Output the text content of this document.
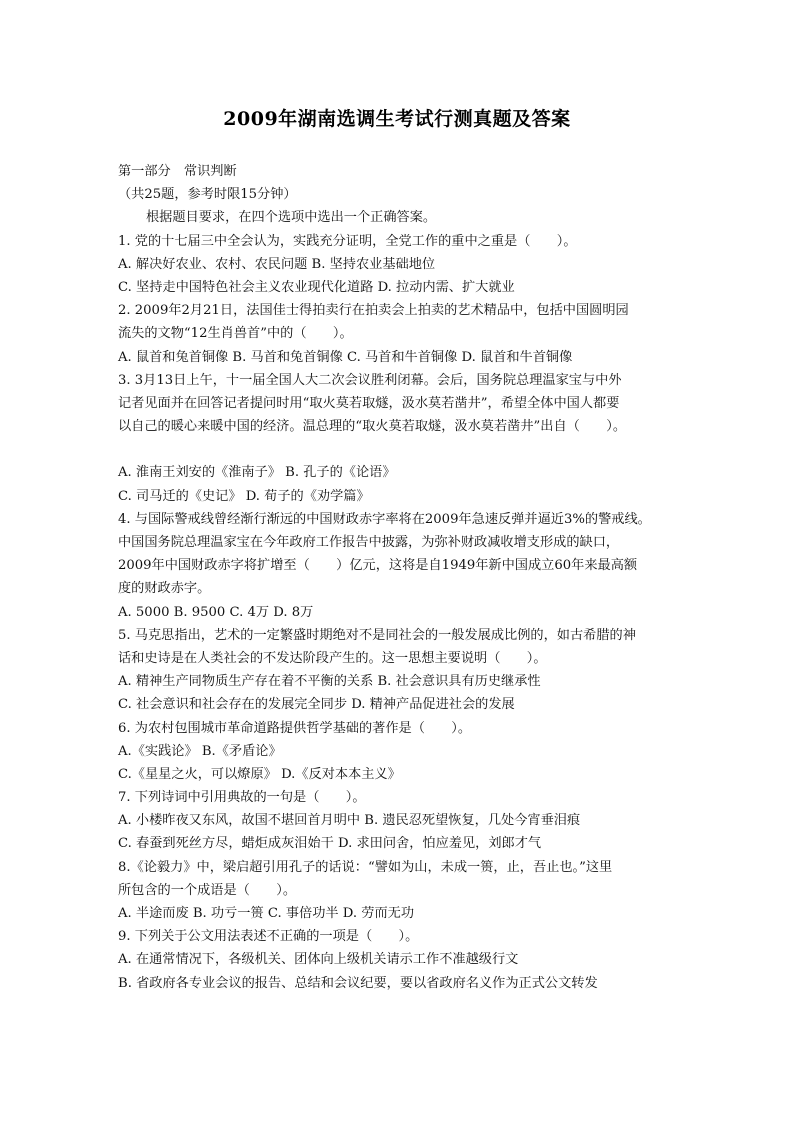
2009年湖南选调生考试行测真题及答案
第一部分　常识判断
（共25题，参考时限15分钟）
根据题目要求，在四个选项中选出一个正确答案。
1. 党的十七届三中全会认为，实践充分证明，全党工作的重中之重是（　　）。
A. 解决好农业、农村、农民问题 B. 坚持农业基础地位
C. 坚持走中国特色社会主义农业现代化道路 D. 拉动内需、扩大就业
2. 2009年2月21日，法国佳士得拍卖行在拍卖会上拍卖的艺术精品中，包括中国圆明园
流失的文物“12生肖兽首”中的（　　）。
A. 鼠首和兔首铜像 B. 马首和兔首铜像 C. 马首和牛首铜像 D. 鼠首和牛首铜像
3. 3月13日上午，十一届全国人大二次会议胜利闭幕。会后，国务院总理温家宝与中外
记者见面并在回答记者提问时用“取火莫若取燧，汲水莫若凿井”，希望全体中国人都要
以自己的暖心来暖中国的经济。温总理的“取火莫若取燧，汲水莫若凿井”出自（　　）。
A. 淮南王刘安的《淮南子》 B. 孔子的《论语》
C. 司马迁的《史记》 D. 荀子的《劝学篇》
4. 与国际警戒线曾经渐行渐远的中国财政赤字率将在2009年急速反弹并逼近3%的警戒线。
中国国务院总理温家宝在今年政府工作报告中披露，为弥补财政减收增支形成的缺口，
2009年中国财政赤字将扩增至（　　）亿元，这将是自1949年新中国成立60年来最高额
度的财政赤字。
A. 5000 B. 9500 C. 4万 D. 8万
5. 马克思指出，艺术的一定繁盛时期绝对不是同社会的一般发展成比例的，如古希腊的神
话和史诗是在人类社会的不发达阶段产生的。这一思想主要说明（　　）。
A. 精神生产同物质生产存在着不平衡的关系 B. 社会意识具有历史继承性
C. 社会意识和社会存在的发展完全同步 D. 精神产品促进社会的发展
6. 为农村包围城市革命道路提供哲学基础的著作是（　　）。
A.《实践论》 B.《矛盾论》
C.《星星之火，可以燎原》 D.《反对本本主义》
7. 下列诗词中引用典故的一句是（　　）。
A. 小楼昨夜又东风，故国不堪回首月明中 B. 遗民忍死望恢复，几处今宵垂泪痕
C. 春蚕到死丝方尽，蜡炬成灰泪始干 D. 求田问舍，怕应羞见，刘郎才气
8.《论毅力》中，梁启超引用孔子的话说：“譬如为山，未成一篑，止，吾止也。”这里
所包含的一个成语是（　　）。
A. 半途而废 B. 功亏一篑 C. 事倍功半 D. 劳而无功
9. 下列关于公文用法表述不正确的一项是（　　）。
A. 在通常情况下，各级机关、团体向上级机关请示工作不准越级行文
B. 省政府各专业会议的报告、总结和会议纪要，要以省政府名义作为正式公文转发
